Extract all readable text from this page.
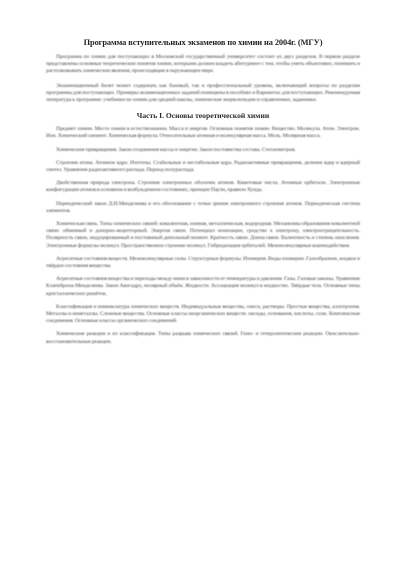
Программа вступительных экзаменов по химии на 2004г. (МГУ)

Программа по химии для поступающих в Московский государственный университет состоит из двух разделов. В первом разделе представлены основные теоретические понятия химии, которыми должен владеть абитуриент с тем, чтобы уметь объективно, понимать и растолковывать химические явления, происходящие в окружающем мире.

Экзаменационный билет может содержать как базовый, так и профессиональный уровень, включающий вопросы по разделам программы для поступающих. Примеры экзаменационных заданий помещены в пособиях и Вариантах для поступающих. Рекомендуемая литература к программе: учебники по химии для средней школы, химические энциклопедии и справочники, задачники.

Часть I. Основы теоретической химии

Предмет химии. Место химии в естествознании. Масса и энергия. Основные понятия химии. Вещество. Молекула. Атом. Электрон. Ион. Химический элемент. Химическая формула. Относительные атомная и молекулярная масса. Моль. Молярная масса.

Химические превращения. Закон сохранения массы и энергии. Закон постоянства состава. Стехиометрия.

Строение атома. Атомное ядро. Изотопы. Стабильные и нестабильные ядра. Радиоактивные превращения, деление ядер и ядерный синтез. Уравнение радиоактивного распада. Период полураспада.

Двойственная природа электрона. Строение электронных оболочек атомов. Квантовые числа. Атомные орбитали. Электронные конфигурации атомов в основном и возбужденном состояниях, принцип Паули, правило Хунда.

Периодический закон Д.И.Менделеева и его обоснование с точки зрения электронного строения атомов. Периодическая система элементов.

Химическая связь. Типы химических связей: ковалентная, ионная, металлическая, водородная. Механизмы образования ковалентной связи: обменный и донорно-акцепторный. Энергия связи. Потенциал ионизации, сродство к электрону, электроотрицательность. Полярность связи, индуцированный и постоянный дипольный момент. Кратность связи. Длина связи. Валентность и степень окисления. Электронные формулы молекул. Пространственное строение молекул. Гибридизация орбиталей. Межмолекулярные взаимодействия.

Агрегатные состояния веществ. Межмолекулярные силы. Структурные формулы. Изомерия. Виды изомерии. Газообразное, жидкое и твёрдое состояния вещества.

Агрегатные состояния вещества и переходы между ними в зависимости от температуры и давления. Газы. Газовые законы. Уравнение Клапейрона-Менделеева. Закон Авогадро, молярный объём. Жидкости. Ассоциация молекул в жидкостях. Твёрдые тела. Основные типы кристаллических решёток.

Классификация и номенклатура химических веществ. Индивидуальные вещества, смеси, растворы. Простые вещества, аллотропия. Металлы и неметаллы. Сложные вещества. Основные классы неорганических веществ: оксиды, основания, кислоты, соли. Комплексные соединения. Основные классы органических соединений.

Химические реакции и их классификация. Типы разрыва химических связей. Гомо- и гетеролитические реакции. Окислительно-восстановительные реакции.
